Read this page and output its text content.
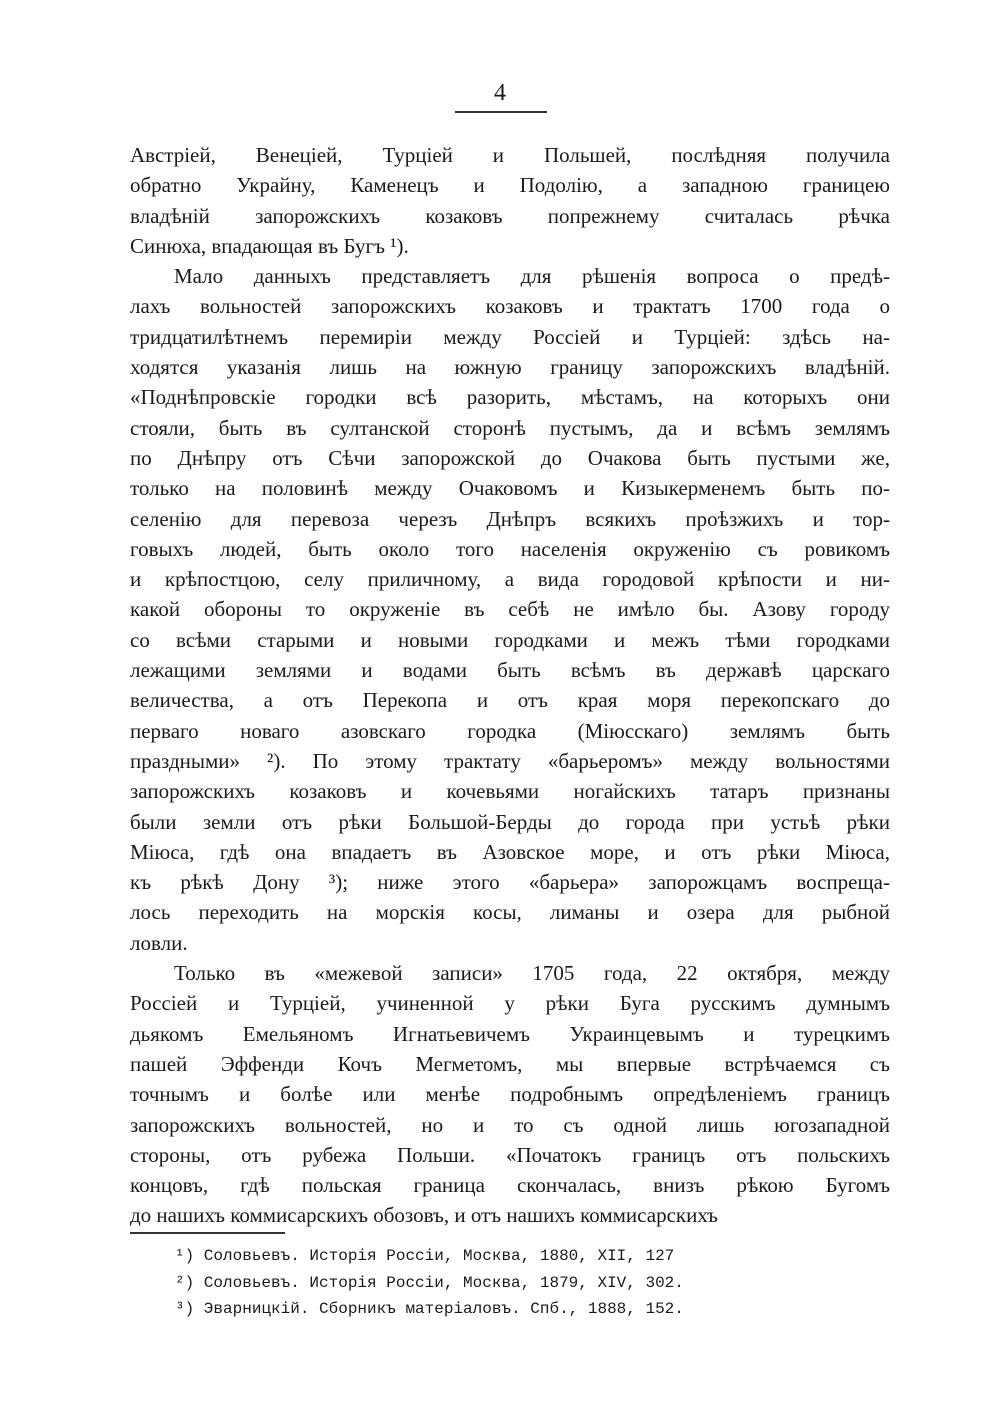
4
Австріей, Венеціей, Турціей и Польшей, послѣдняя получила
обратно Украйну, Каменецъ и Подолію, а западною границею
владѣній запорожскихъ козаковъ попрежнему считалась рѣчка
Синюха, впадающая въ Бугъ ¹).
Мало данныхъ представляетъ для рѣшенія вопроса о предѣ-
лахъ вольностей запорожскихъ козаковъ и трактатъ 1700 года о
тридцатилѣтнемъ перемиріи между Россіей и Турціей: здѣсь на-
ходятся указанія лишь на южную границу запорожскихъ владѣній.
«Поднѣпровскіе городки всѣ разорить, мѣстамъ, на которыхъ они
стояли, быть въ султанской сторонѣ пустымъ, да и всѣмъ землямъ
по Днѣпру отъ Сѣчи запорожской до Очакова быть пустыми же,
только на половинѣ между Очаковомъ и Кизыкерменемъ быть по-
селенію для перевоза черезъ Днѣпръ всякихъ проѣзжихъ и тор-
говыхъ людей, быть около того населенія окруженію съ ровикомъ
и крѣпостцою, селу приличному, а вида городовой крѣпости и ни-
какой обороны то окруженіе въ себѣ не имѣло бы. Азову городу
со всѣми старыми и новыми городками и межъ тѣми городками
лежащими землями и водами быть всѣмъ въ державѣ царскаго
величества, а отъ Перекопа и отъ края моря перекопскаго до
перваго новаго азовскаго городка (Міюсскаго) землямъ быть
праздными» ²). По этому трактату «барьеромъ» между вольностями
запорожскихъ козаковъ и кочевьями ногайскихъ татаръ признаны
были земли отъ рѣки Большой-Берды до города при устьѣ рѣки
Міюса, гдѣ она впадаетъ въ Азовское море, и отъ рѣки Міюса,
къ рѣкѣ Дону ³); ниже этого «барьера» запорожцамъ воспреща-
лось переходить на морскія косы, лиманы и озера для рыбной
ловли.
Только въ «межевой записи» 1705 года, 22 октября, между
Россіей и Турціей, учиненной у рѣки Буга русскимъ думнымъ
дьякомъ Емельяномъ Игнатьевичемъ Украинцевымъ и турецкимъ
пашей Эффенди Кочъ Мегметомъ, мы впервые встрѣчаемся съ
точнымъ и болѣе или менѣе подробнымъ опредѣленіемъ границъ
запорожскихъ вольностей, но и то съ одной лишь югозападной
стороны, отъ рубежа Польши. «Початокъ границъ отъ польскихъ
концовъ, гдѣ польская граница скончалась, внизъ рѣкою Бугомъ
до нашихъ коммисарскихъ обозовъ, и отъ нашихъ коммисарскихъ
¹) Соловьевъ. Исторія Россіи, Москва, 1880, XII, 127
²) Соловьевъ. Исторія Россіи, Москва, 1879, XIV, 302.
³) Эварницкій. Сборникъ матеріаловъ. Спб., 1888, 152.
